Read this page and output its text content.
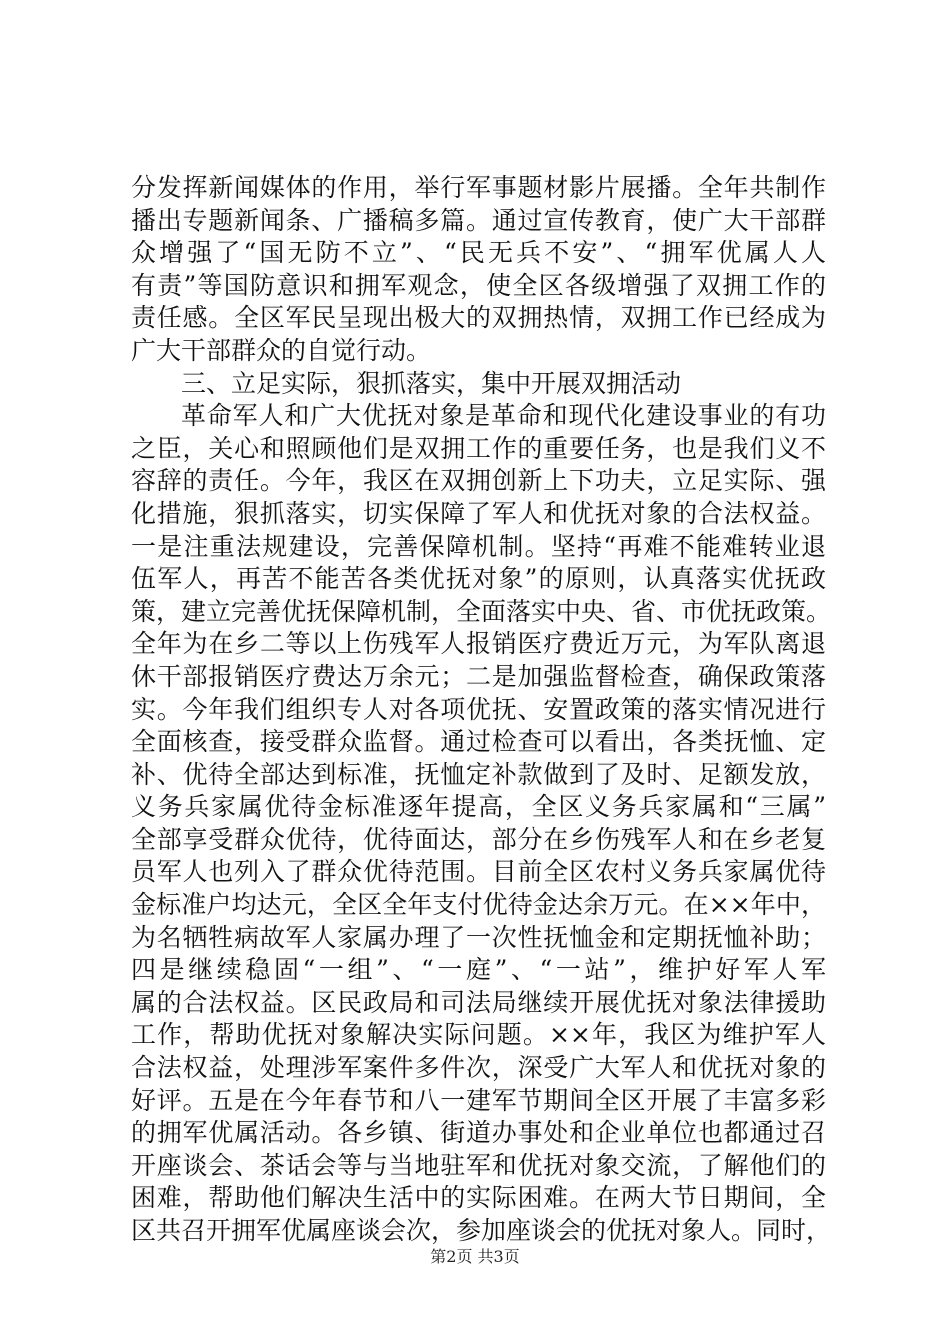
分发挥新闻媒体的作用，举行军事题材影片展播。全年共制作
播出专题新闻条、广播稿多篇。通过宣传教育，使广大干部群
众增强了“国无防不立”、“民无兵不安”、“拥军优属人人
有责”等国防意识和拥军观念，使全区各级增强了双拥工作的
责任感。全区军民呈现出极大的双拥热情，双拥工作已经成为
广大干部群众的自觉行动。
三、立足实际，狠抓落实，集中开展双拥活动
革命军人和广大优抚对象是革命和现代化建设事业的有功
之臣，关心和照顾他们是双拥工作的重要任务，也是我们义不
容辞的责任。今年，我区在双拥创新上下功夫，立足实际、强
化措施，狠抓落实，切实保障了军人和优抚对象的合法权益。
一是注重法规建设，完善保障机制。坚持“再难不能难转业退
伍军人，再苦不能苦各类优抚对象”的原则，认真落实优抚政
策，建立完善优抚保障机制，全面落实中央、省、市优抚政策。
全年为在乡二等以上伤残军人报销医疗费近万元，为军队离退
休干部报销医疗费达万余元；二是加强监督检查，确保政策落
实。今年我们组织专人对各项优抚、安置政策的落实情况进行
全面核查，接受群众监督。通过检查可以看出，各类抚恤、定
补、优待全部达到标准，抚恤定补款做到了及时、足额发放，
义务兵家属优待金标准逐年提高，全区义务兵家属和“三属”
全部享受群众优待，优待面达，部分在乡伤残军人和在乡老复
员军人也列入了群众优待范围。目前全区农村义务兵家属优待
金标准户均达元，全区全年支付优待金达余万元。在××年中，
为名牺牲病故军人家属办理了一次性抚恤金和定期抚恤补助；
四是继续稳固“一组”、“一庭”、“一站”，维护好军人军
属的合法权益。区民政局和司法局继续开展优抚对象法律援助
工作，帮助优抚对象解决实际问题。××年，我区为维护军人
合法权益，处理涉军案件多件次，深受广大军人和优抚对象的
好评。五是在今年春节和八一建军节期间全区开展了丰富多彩
的拥军优属活动。各乡镇、街道办事处和企业单位也都通过召
开座谈会、茶话会等与当地驻军和优抚对象交流，了解他们的
困难，帮助他们解决生活中的实际困难。在两大节日期间，全
区共召开拥军优属座谈会次，参加座谈会的优抚对象人。同时，
第2页 共3页
